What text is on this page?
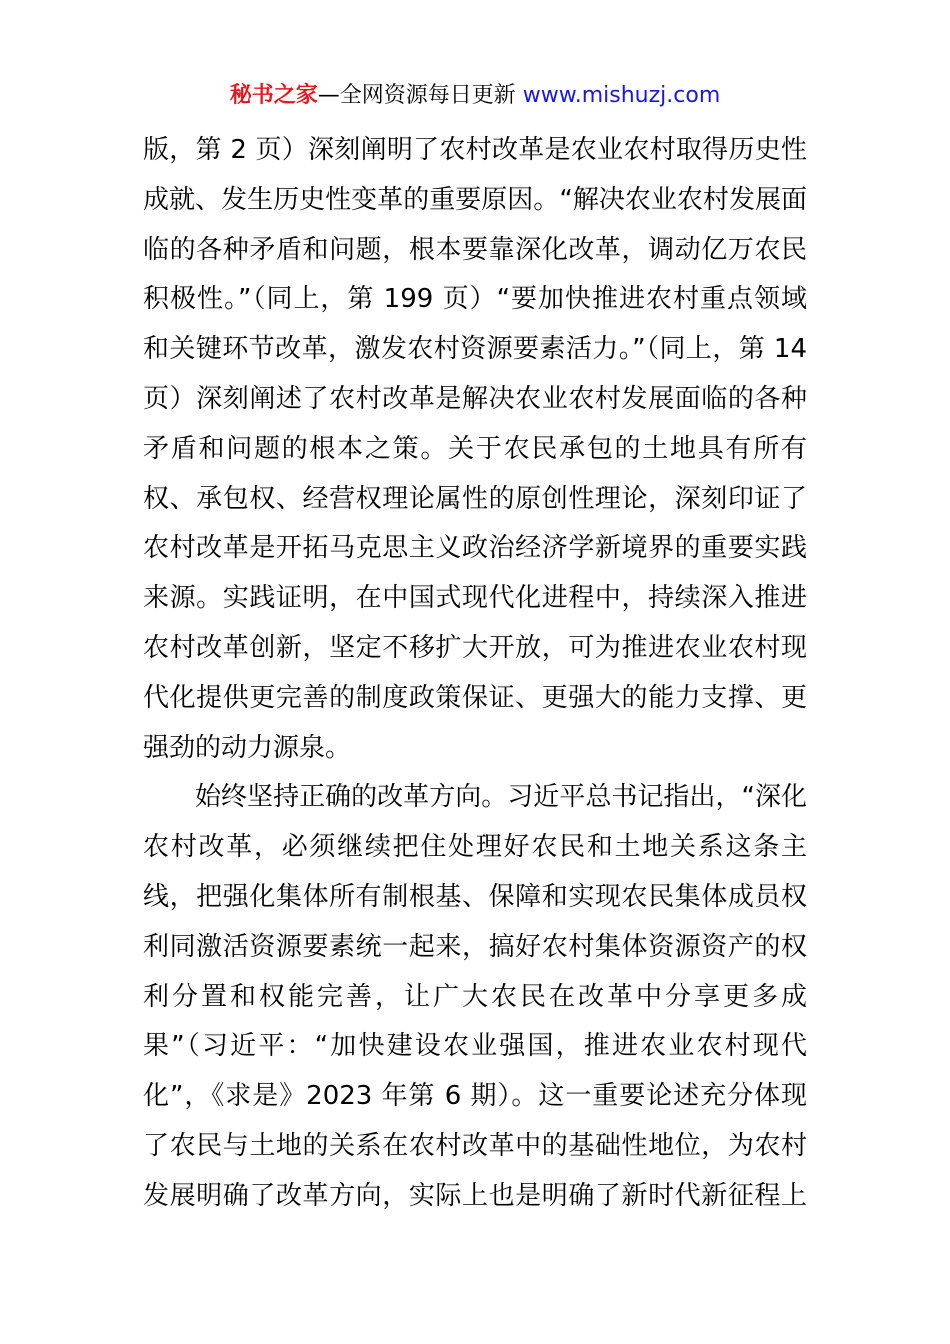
秘书之家—全网资源每日更新 www.mishuzj.com

版，第 2 页）深刻阐明了农村改革是农业农村取得历史性成就、发生历史性变革的重要原因。“解决农业农村发展面临的各种矛盾和问题，根本要靠深化改革，调动亿万农民积极性。”（同上，第 199 页）“要加快推进农村重点领域和关键环节改革，激发农村资源要素活力。”（同上，第 14 页）深刻阐述了农村改革是解决农业农村发展面临的各种矛盾和问题的根本之策。关于农民承包的土地具有所有权、承包权、经营权理论属性的原创性理论，深刻印证了农村改革是开拓马克思主义政治经济学新境界的重要实践来源。实践证明，在中国式现代化进程中，持续深入推进农村改革创新，坚定不移扩大开放，可为推进农业农村现代化提供更完善的制度政策保证、更强大的能力支撑、更强劲的动力源泉。

始终坚持正确的改革方向。习近平总书记指出，“深化农村改革，必须继续把住处理好农民和土地关系这条主线，把强化集体所有制根基、保障和实现农民集体成员权利同激活资源要素统一起来，搞好农村集体资源资产的权利分置和权能完善，让广大农民在改革中分享更多成果”（习近平：“加快建设农业强国，推进农业农村现代化”，《求是》2023 年第 6 期）。这一重要论述充分体现了农民与土地的关系在农村改革中的基础性地位，为农村发展明确了改革方向，实际上也是明确了新时代新征程上
